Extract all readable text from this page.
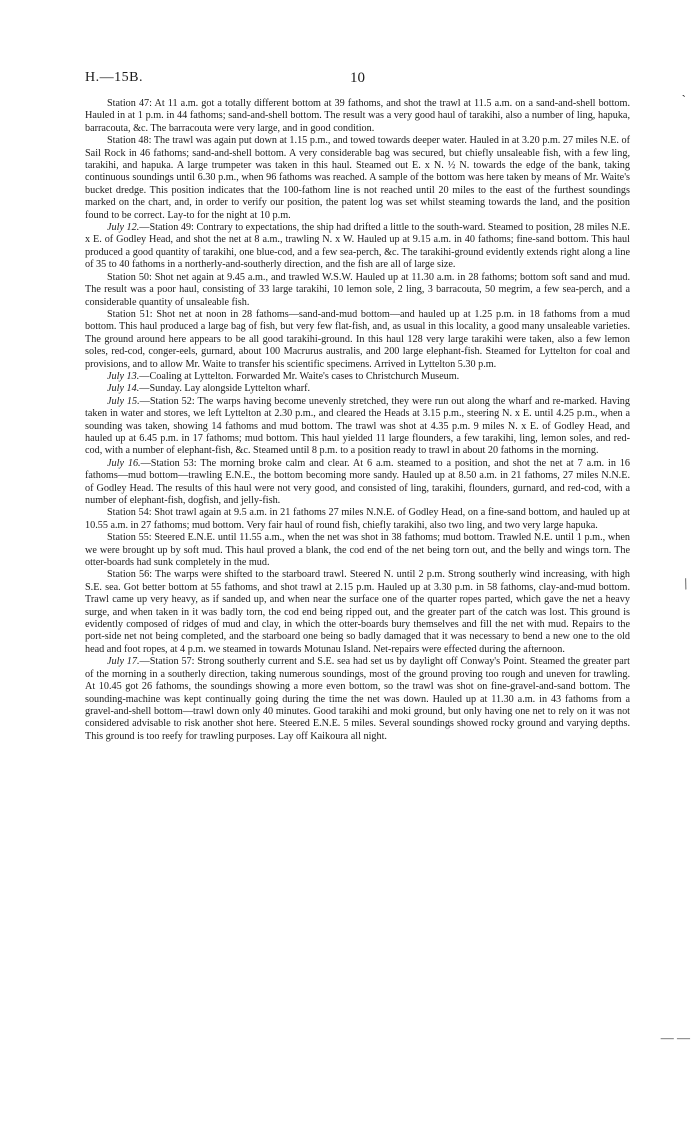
H.—15B.	10
`
/
— —

Station 47: At 11 a.m. got a totally different bottom at 39 fathoms, and shot the trawl at 11.5 a.m. on a sand-and-shell bottom. Hauled in at 1 p.m. in 44 fathoms; sand-and-shell bottom. The result was a very good haul of tarakihi, also a number of ling, hapuka, barracouta, &c. The barracouta were very large, and in good condition.

Station 48: The trawl was again put down at 1.15 p.m., and towed towards deeper water. Hauled in at 3.20 p.m. 27 miles N.E. of Sail Rock in 46 fathoms; sand-and-shell bottom. A very considerable bag was secured, but chiefly unsaleable fish, with a few ling, tarakihi, and hapuka. A large trumpeter was taken in this haul. Steamed out E. x N. ½ N. towards the edge of the bank, taking continuous soundings until 6.30 p.m., when 96 fathoms was reached. A sample of the bottom was here taken by means of Mr. Waite's bucket dredge. This position indicates that the 100-fathom line is not reached until 20 miles to the east of the furthest soundings marked on the chart, and, in order to verify our position, the patent log was set whilst steaming towards the land, and the position found to be correct. Lay-to for the night at 10 p.m.

July 12.—Station 49: Contrary to expectations, the ship had drifted a little to the south-ward. Steamed to position, 28 miles N.E. x E. of Godley Head, and shot the net at 8 a.m., trawling N. x W. Hauled up at 9.15 a.m. in 40 fathoms; fine-sand bottom. This haul produced a good quantity of tarakihi, one blue-cod, and a few sea-perch, &c. The tarakihi-ground evidently extends right along a line of 35 to 40 fathoms in a northerly-and-southerly direction, and the fish are all of large size.

Station 50: Shot net again at 9.45 a.m., and trawled W.S.W. Hauled up at 11.30 a.m. in 28 fathoms; bottom soft sand and mud. The result was a poor haul, consisting of 33 large tarakihi, 10 lemon sole, 2 ling, 3 barracouta, 50 megrim, a few sea-perch, and a considerable quantity of unsaleable fish.

Station 51: Shot net at noon in 28 fathoms—sand-and-mud bottom—and hauled up at 1.25 p.m. in 18 fathoms from a mud bottom. This haul produced a large bag of fish, but very few flat-fish, and, as usual in this locality, a good many unsaleable varieties. The ground around here appears to be all good tarakihi-ground. In this haul 128 very large tarakihi were taken, also a few lemon soles, red-cod, conger-eels, gurnard, about 100 Macrurus australis, and 200 large elephant-fish. Steamed for Lyttelton for coal and provisions, and to allow Mr. Waite to transfer his scientific specimens. Arrived in Lyttelton 5.30 p.m.

July 13.—Coaling at Lyttelton. Forwarded Mr. Waite's cases to Christchurch Museum.

July 14.—Sunday. Lay alongside Lyttelton wharf.

July 15.—Station 52: The warps having become unevenly stretched, they were run out along the wharf and re-marked. Having taken in water and stores, we left Lyttelton at 2.30 p.m., and cleared the Heads at 3.15 p.m., steering N. x E. until 4.25 p.m., when a sounding was taken, showing 14 fathoms and mud bottom. The trawl was shot at 4.35 p.m. 9 miles N. x E. of Godley Head, and hauled up at 6.45 p.m. in 17 fathoms; mud bottom. This haul yielded 11 large flounders, a few tarakihi, ling, lemon soles, and red-cod, with a number of elephant-fish, &c. Steamed until 8 p.m. to a position ready to trawl in about 20 fathoms in the morning.

July 16.—Station 53: The morning broke calm and clear. At 6 a.m. steamed to a position, and shot the net at 7 a.m. in 16 fathoms—mud bottom—trawling E.N.E., the bottom becoming more sandy. Hauled up at 8.50 a.m. in 21 fathoms, 27 miles N.N.E. of Godley Head. The results of this haul were not very good, and consisted of ling, tarakihi, flounders, gurnard, and red-cod, with a number of elephant-fish, dogfish, and jelly-fish.

Station 54: Shot trawl again at 9.5 a.m. in 21 fathoms 27 miles N.N.E. of Godley Head, on a fine-sand bottom, and hauled up at 10.55 a.m. in 27 fathoms; mud bottom. Very fair haul of round fish, chiefly tarakihi, also two ling, and two very large hapuka.

Station 55: Steered E.N.E. until 11.55 a.m., when the net was shot in 38 fathoms; mud bottom. Trawled N.E. until 1 p.m., when we were brought up by soft mud. This haul proved a blank, the cod end of the net being torn out, and the belly and wings torn. The otter-boards had sunk completely in the mud.

Station 56: The warps were shifted to the starboard trawl. Steered N. until 2 p.m. Strong southerly wind increasing, with high S.E. sea. Got better bottom at 55 fathoms, and shot trawl at 2.15 p.m. Hauled up at 3.30 p.m. in 58 fathoms, clay-and-mud bottom. Trawl came up very heavy, as if sanded up, and when near the surface one of the quarter ropes parted, which gave the net a heavy surge, and when taken in it was badly torn, the cod end being ripped out, and the greater part of the catch was lost. This ground is evidently composed of ridges of mud and clay, in which the otter-boards bury themselves and fill the net with mud. Repairs to the port-side net not being completed, and the starboard one being so badly damaged that it was necessary to bend a new one to the old head and foot ropes, at 4 p.m. we steamed in towards Motunau Island. Net-repairs were effected during the afternoon.

July 17.—Station 57: Strong southerly current and S.E. sea had set us by daylight off Conway's Point. Steamed the greater part of the morning in a southerly direction, taking numerous soundings, most of the ground proving too rough and uneven for trawling. At 10.45 got 26 fathoms, the soundings showing a more even bottom, so the trawl was shot on fine-gravel-and-sand bottom. The sounding-machine was kept continually going during the time the net was down. Hauled up at 11.30 a.m. in 43 fathoms from a gravel-and-shell bottom—trawl down only 40 minutes. Good tarakihi and moki ground, but only having one net to rely on it was not considered advisable to risk another shot here. Steered E.N.E. 5 miles. Several soundings showed rocky ground and varying depths. This ground is too reefy for trawling purposes. Lay off Kaikoura all night.
